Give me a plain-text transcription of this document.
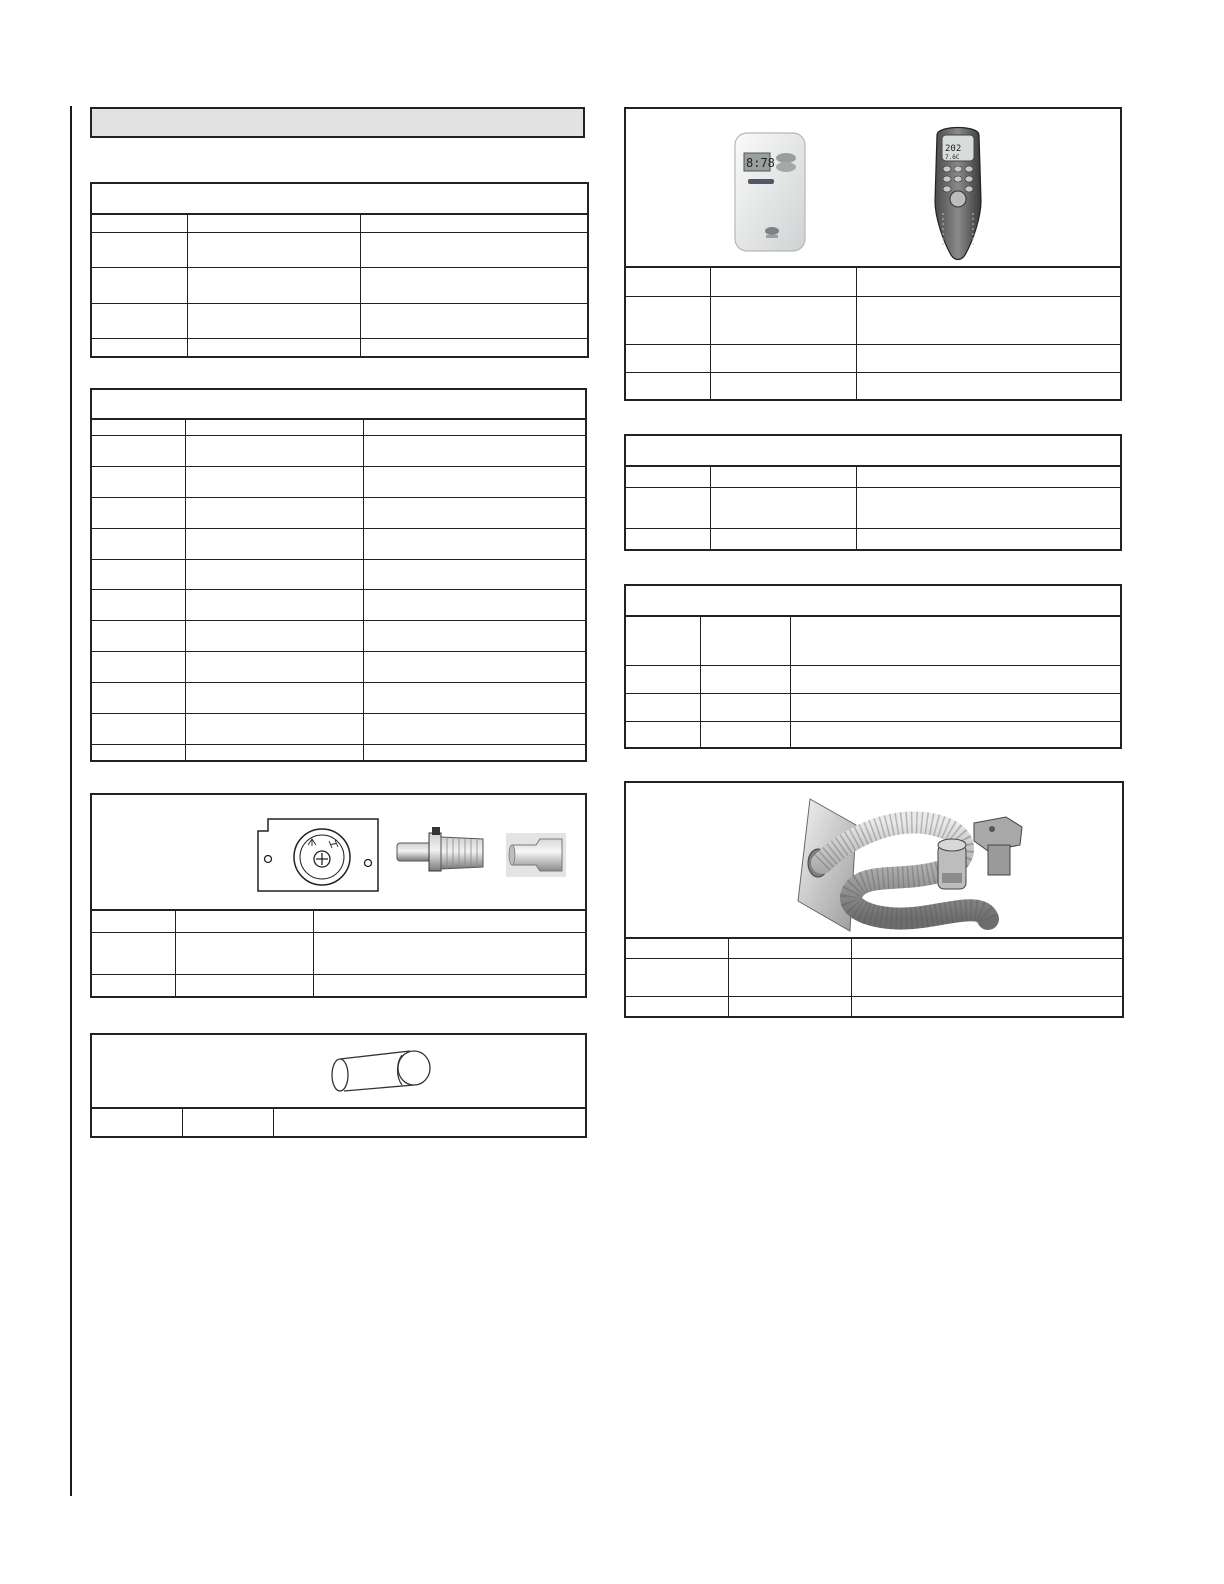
8:78
202
7.6C
